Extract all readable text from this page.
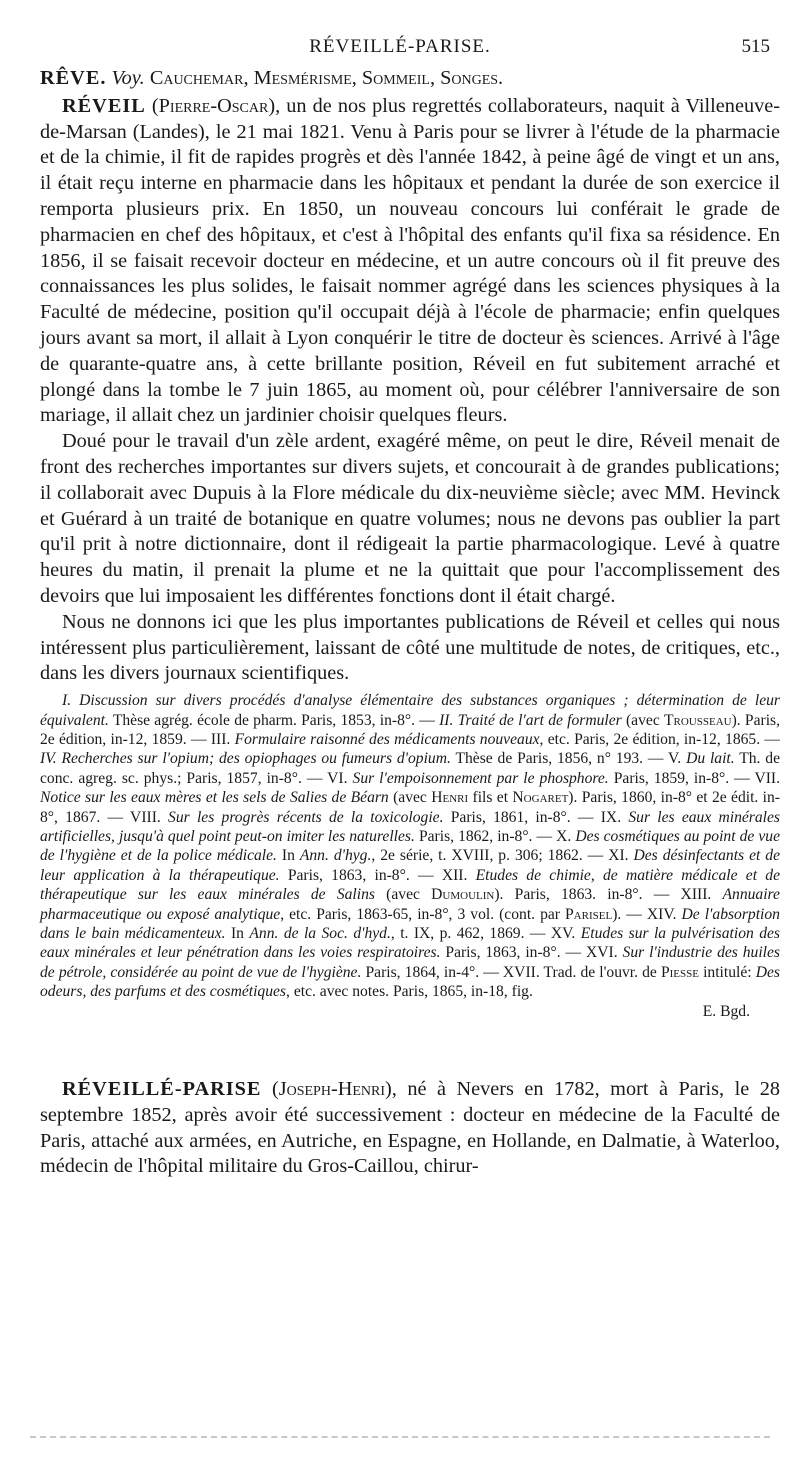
RÉVEILLÉ-PARISE.	515

RÊVE. Voy. Cauchemar, Mesmérisme, Sommeil, Songes.

RÉVEIL (Pierre-Oscar), un de nos plus regrettés collaborateurs, naquit à Villeneuve-de-Marsan (Landes), le 21 mai 1821. Venu à Paris pour se livrer à l'étude de la pharmacie et de la chimie, il fit de rapides progrès et dès l'année 1842, à peine âgé de vingt et un ans, il était reçu interne en pharmacie dans les hôpitaux et pendant la durée de son exercice il remporta plusieurs prix. En 1850, un nouveau concours lui conférait le grade de pharmacien en chef des hôpitaux, et c'est à l'hôpital des enfants qu'il fixa sa résidence. En 1856, il se faisait recevoir docteur en médecine, et un autre concours où il fit preuve des connaissances les plus solides, le faisait nommer agrégé dans les sciences physiques à la Faculté de médecine, position qu'il occupait déjà à l'école de pharmacie; enfin quelques jours avant sa mort, il allait à Lyon conquérir le titre de docteur ès sciences. Arrivé à l'âge de quarante-quatre ans, à cette brillante position, Réveil en fut subitement arraché et plongé dans la tombe le 7 juin 1865, au moment où, pour célébrer l'anniversaire de son mariage, il allait chez un jardinier choisir quelques fleurs.

Doué pour le travail d'un zèle ardent, exagéré même, on peut le dire, Réveil menait de front des recherches importantes sur divers sujets, et concourait à de grandes publications; il collaborait avec Dupuis à la Flore médicale du dix-neuvième siècle; avec MM. Hevinck et Guérard à un traité de botanique en quatre volumes; nous ne devons pas oublier la part qu'il prit à notre dictionnaire, dont il rédigeait la partie pharmacologique. Levé à quatre heures du matin, il prenait la plume et ne la quittait que pour l'accomplissement des devoirs que lui imposaient les différentes fonctions dont il était chargé.

Nous ne donnons ici que les plus importantes publications de Réveil et celles qui nous intéressent plus particulièrement, laissant de côté une multitude de notes, de critiques, etc., dans les divers journaux scientifiques.

I. Discussion sur divers procédés d'analyse élémentaire des substances organiques ; détermination de leur équivalent. Thèse agrég. école de pharm. Paris, 1853, in-8°. — II. Traité de l'art de formuler (avec Trousseau). Paris, 2e édition, in-12, 1859. — III. Formulaire raisonné des médicaments nouveaux, etc. Paris, 2e édition, in-12, 1865. — IV. Recherches sur l'opium; des opiophages ou fumeurs d'opium. Thèse de Paris, 1856, n° 193. — V. Du lait. Th. de conc. agreg. sc. phys.; Paris, 1857, in-8°. — VI. Sur l'empoisonnement par le phosphore. Paris, 1859, in-8°. — VII. Notice sur les eaux mères et les sels de Salies de Béarn (avec Henri fils et Nogaret). Paris, 1860, in-8° et 2e édit. in-8°, 1867. — VIII. Sur les progrès récents de la toxicologie. Paris, 1861, in-8°. — IX. Sur les eaux minérales artificielles, jusqu'à quel point peut-on imiter les naturelles. Paris, 1862, in-8°. — X. Des cosmétiques au point de vue de l'hygiène et de la police médicale. In Ann. d'hyg., 2e série, t. XVIII, p. 306; 1862. — XI. Des désinfectants et de leur application à la thérapeutique. Paris, 1863, in-8°. — XII. Etudes de chimie, de matière médicale et de thérapeutique sur les eaux minérales de Salins (avec Dumoulin). Paris, 1863. in-8°. — XIII. Annuaire pharmaceutique ou exposé analytique, etc. Paris, 1863-65, in-8°, 3 vol. (cont. par Parisel). — XIV. De l'absorption dans le bain médicamenteux. In Ann. de la Soc. d'hyd., t. IX, p. 462, 1869. — XV. Etudes sur la pulvérisation des eaux minérales et leur pénétration dans les voies respiratoires. Paris, 1863, in-8°. — XVI. Sur l'industrie des huiles de pétrole, considérée au point de vue de l'hygiène. Paris, 1864, in-4°. — XVII. Trad. de l'ouvr. de Piesse intitulé: Des odeurs, des parfums et des cosmétiques, etc. avec notes. Paris, 1865, in-18, fig.

E. Bgd.

RÉVEILLÉ-PARISE (Joseph-Henri), né à Nevers en 1782, mort à Paris, le 28 septembre 1852, après avoir été successivement : docteur en médecine de la Faculté de Paris, attaché aux armées, en Autriche, en Espagne, en Hollande, en Dalmatie, à Waterloo, médecin de l'hôpital militaire du Gros-Caillou, chirur-
